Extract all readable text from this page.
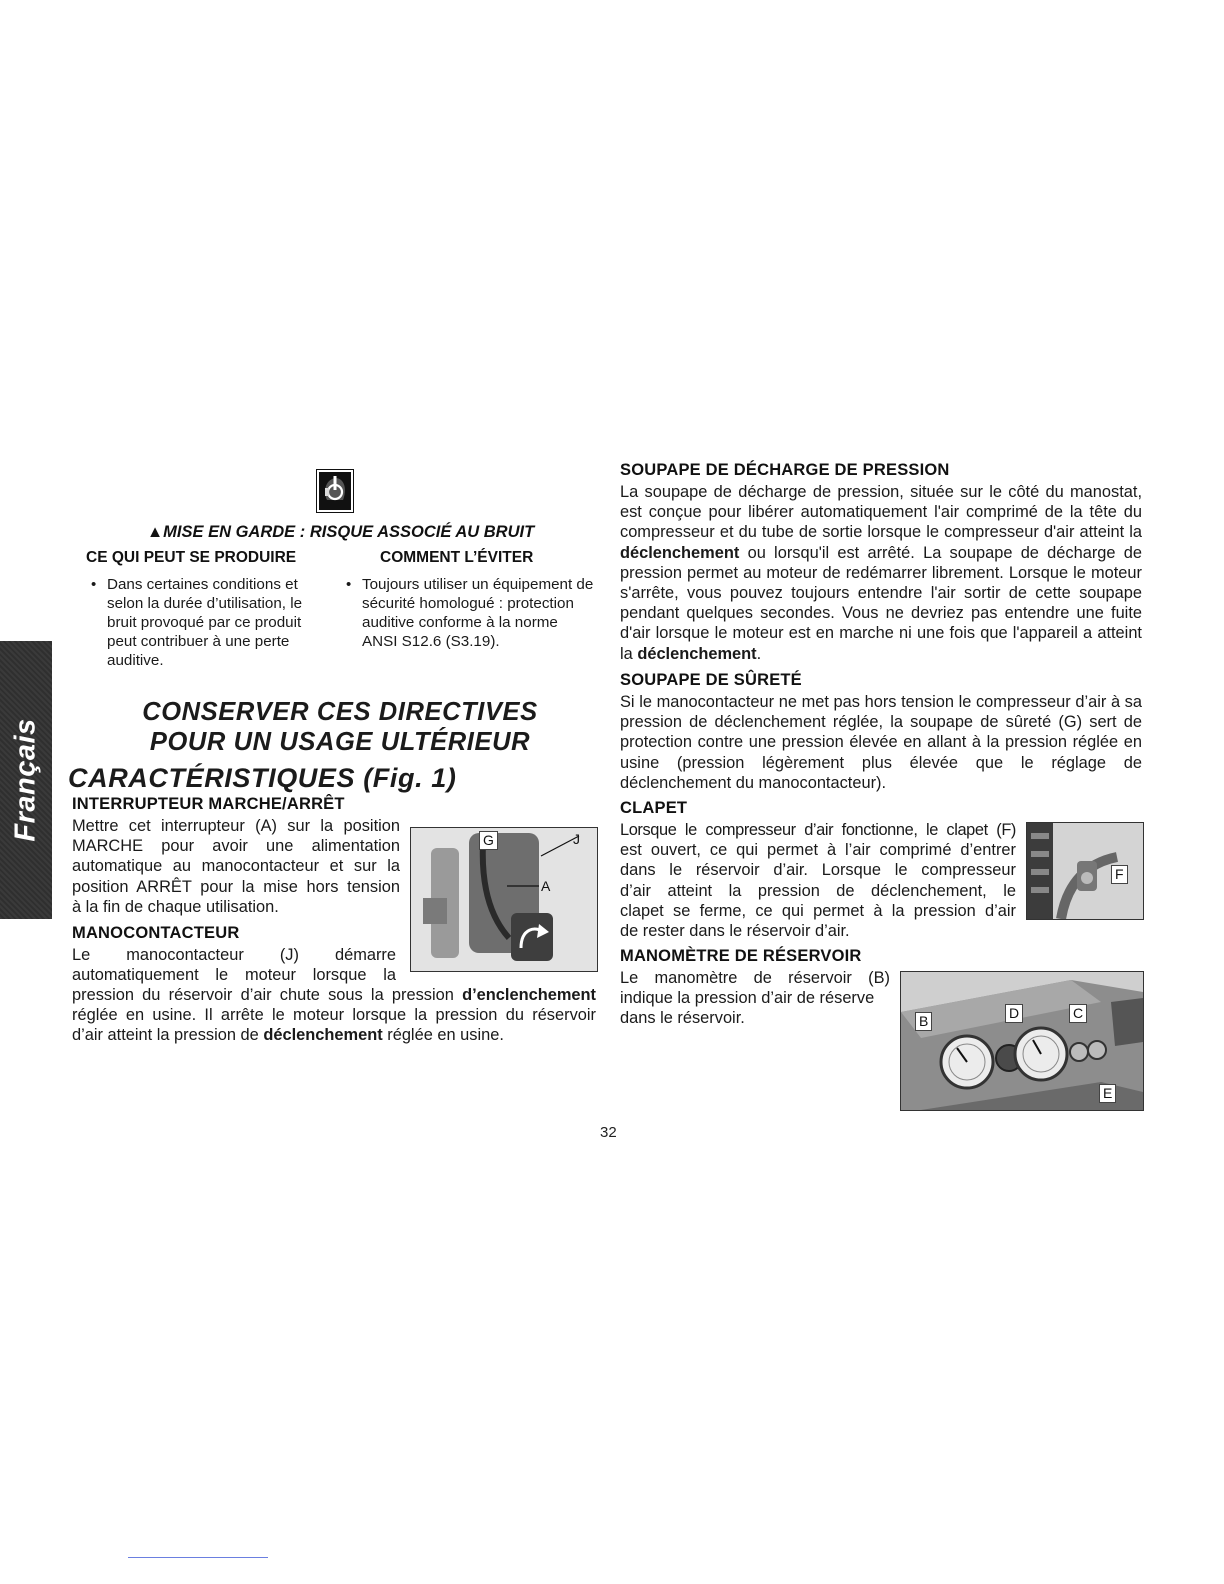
Français
▲MISE EN GARDE : RISQUE ASSOCIÉ AU BRUIT
CE QUI PEUT SE PRODUIRE	COMMENT L’ÉVITER
• Dans certaines conditions et selon la durée d’utilisation, le bruit provoqué par ce produit peut contribuer à une perte auditive.
• Toujours utiliser un équipement de sécurité homologué : protection auditive conforme à la norme ANSI S12.6 (S3.19).
CONSERVER CES DIRECTIVES
POUR UN USAGE ULTÉRIEUR
CARACTÉRISTIQUES (Fig. 1)
INTERRUPTEUR MARCHE/ARRÊT
Mettre cet interrupteur (A) sur la position
MARCHE pour avoir une alimentation
automatique au manocontacteur et sur la
position ARRÊT pour la mise hors tension
à la fin de chaque utilisation.
G	J
A
MANOCONTACTEUR
Le manocontacteur (J) démarre
automatiquement le moteur lorsque la
pression du réservoir d’air chute sous la pression d’enclenchement
réglée en usine. Il arrête le moteur lorsque la pression du réservoir
d’air atteint la pression de déclenchement réglée en usine.
SOUPAPE DE DÉCHARGE DE PRESSION

La soupape de décharge de pression, située sur le côté du manostat, est conçue pour libérer automatiquement l'air comprimé de la tête du compresseur et du tube de sortie lorsque le compresseur d'air atteint la déclenchement ou lorsqu'il est arrêté. La soupape de décharge de pression permet au moteur de redémarrer librement. Lorsque le moteur s'arrête, vous pouvez toujours entendre l'air sortir de cette soupape pendant quelques secondes. Vous ne devriez pas entendre une fuite d'air lorsque le moteur est en marche ni une fois que l'appareil a atteint la déclenchement.

SOUPAPE DE SÛRETÉ

Si le manocontacteur ne met pas hors tension le compresseur d’air à sa pression de déclenchement réglée, la soupape de sûreté (G) sert de protection contre une pression élevée en allant à la pression réglée en usine (pression légèrement plus élevée que le réglage de déclenchement du manocontacteur).

CLAPET
Lorsque le compresseur d’air fonctionne, le clapet (F)
est ouvert, ce qui permet à l’air comprimé d’entrer
dans le réservoir d’air. Lorsque le compresseur
d’air atteint la pression de déclenchement, le
clapet se ferme, ce qui permet à la pression d’air
de rester dans le réservoir d’air.
F
MANOMÈTRE DE RÉSERVOIR
Le manomètre de réservoir (B)
indique la pression d’air de réserve
dans le réservoir.	B	D	C
E
32
